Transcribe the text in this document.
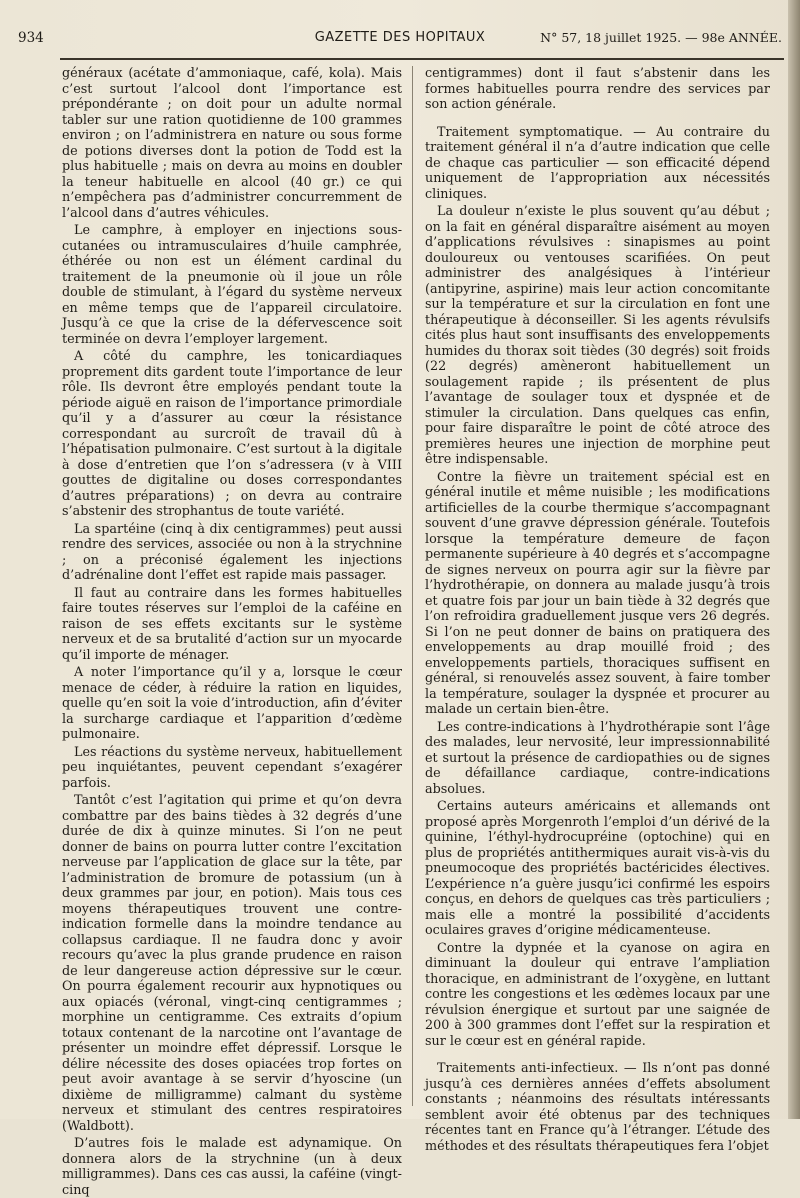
934	GAZETTE DES HOPITAUX	N° 57, 18 juillet 1925. — 98e ANNÉE.

généraux (acétate d’ammoniaque, café, kola). Mais c’est surtout l’alcool dont l’importance est prépondérante ; on doit pour un adulte normal tabler sur une ration quotidienne de 100 grammes environ ; on l’administrera en nature ou sous forme de potions diverses dont la potion de Todd est la plus habituelle ; mais on devra au moins en doubler la teneur habituelle en alcool (40 gr.) ce qui n’empêchera pas d’administrer concurremment de l’alcool dans d’autres véhicules.

Le camphre, à employer en injections sous-cutanées ou intramusculaires d’huile camphrée, éthérée ou non est un élément cardinal du traitement de la pneumonie où il joue un rôle double de stimulant, à l’égard du système nerveux en même temps que de l’appareil circulatoire. Jusqu’à ce que la crise de la défervescence soit terminée on devra l’employer largement.

A côté du camphre, les tonicardiaques proprement dits gardent toute l’importance de leur rôle. Ils devront être employés pendant toute la période aiguë en raison de l’importance primordiale qu’il y a d’assurer au cœur la résistance correspondant au surcroît de travail dû à l’hépatisation pulmonaire. C’est surtout à la digitale à dose d’entretien que l’on s’adressera (v à VIII gouttes de digitaline ou doses correspondantes d’autres préparations) ; on devra au contraire s’abstenir des strophantus de toute variété.

La spartéine (cinq à dix centigrammes) peut aussi rendre des services, associée ou non à la strychnine ; on a préconisé également les injections d’adrénaline dont l’effet est rapide mais passager.

Il faut au contraire dans les formes habituelles faire toutes réserves sur l’emploi de la caféine en raison de ses effets excitants sur le système nerveux et de sa brutalité d’action sur un myocarde qu’il importe de ménager.

A noter l’importance qu’il y a, lorsque le cœur menace de céder, à réduire la ration en liquides, quelle qu’en soit la voie d’introduction, afin d’éviter la surcharge cardiaque et l’apparition d’œdème pulmonaire.

Les réactions du système nerveux, habituellement peu inquiétantes, peuvent cependant s’exagérer parfois.

Tantôt c’est l’agitation qui prime et qu’on devra combattre par des bains tièdes à 32 degrés d’une durée de dix à quinze minutes. Si l’on ne peut donner de bains on pourra lutter contre l’excitation nerveuse par l’application de glace sur la tête, par l’administration de bromure de potassium (un à deux grammes par jour, en potion). Mais tous ces moyens thérapeutiques trouvent une contre-indication formelle dans la moindre tendance au collapsus cardiaque. Il ne faudra donc y avoir recours qu’avec la plus grande prudence en raison de leur dangereuse action dépressive sur le cœur. On pourra également recourir aux hypnotiques ou aux opiacés (véronal, vingt-cinq centigrammes ; morphine un centigramme. Ces extraits d’opium totaux contenant de la narcotine ont l’avantage de présenter un moindre effet dépressif. Lorsque le délire nécessite des doses opiacées trop fortes on peut avoir avantage à se servir d’hyoscine (un dixième de milligramme) calmant du système nerveux et stimulant des centres respiratoires (Waldbott).

D’autres fois le malade est adynamique. On donnera alors de la strychnine (un à deux milligrammes). Dans ces cas aussi, la caféine (vingt-cinq

centigrammes) dont il faut s’abstenir dans les formes habituelles pourra rendre des services par son action générale.

Traitement symptomatique. — Au contraire du traitement général il n’a d’autre indication que celle de chaque cas particulier — son efficacité dépend uniquement de l’appropriation aux nécessités cliniques.

La douleur n’existe le plus souvent qu’au début ; on la fait en général disparaître aisément au moyen d’applications révulsives : sinapismes au point douloureux ou ventouses scarifiées. On peut administrer des analgésiques à l’intérieur (antipyrine, aspirine) mais leur action concomitante sur la température et sur la circulation en font une thérapeutique à déconseiller. Si les agents révulsifs cités plus haut sont insuffisants des enveloppements humides du thorax soit tièdes (30 degrés) soit froids (22 degrés) amèneront habituellement un soulagement rapide ; ils présentent de plus l’avantage de soulager toux et dyspnée et de stimuler la circulation. Dans quelques cas enfin, pour faire disparaître le point de côté atroce des premières heures une injection de morphine peut être indispensable.

Contre la fièvre un traitement spécial est en général inutile et même nuisible ; les modifications artificielles de la courbe thermique s’accompagnant souvent d’une gravve dépression générale. Toutefois lorsque la température demeure de façon permanente supérieure à 40 degrés et s’accompagne de signes nerveux on pourra agir sur la fièvre par l’hydrothérapie, on donnera au malade jusqu’à trois et quatre fois par jour un bain tiède à 32 degrés que l’on refroidira graduellement jusque vers 26 degrés. Si l’on ne peut donner de bains on pratiquera des enveloppements au drap mouillé froid ; des enveloppements partiels, thoraciques suffisent en général, si renouvelés assez souvent, à faire tomber la température, soulager la dyspnée et procurer au malade un certain bien-être.

Les contre-indications à l’hydrothérapie sont l’âge des malades, leur nervosité, leur impressionnabilité et surtout la présence de cardiopathies ou de signes de défaillance cardiaque, contre-indications absolues.

Certains auteurs américains et allemands ont proposé après Morgenroth l’emploi d’un dérivé de la quinine, l’éthyl-hydrocupréine (optochine) qui en plus de propriétés antithermiques aurait vis-à-vis du pneumocoque des propriétés bactéricides électives. L’expérience n’a guère jusqu’ici confirmé les espoirs conçus, en dehors de quelques cas très particuliers ; mais elle a montré la possibilité d’accidents oculaires graves d’origine médicamenteuse.

Contre la dypnée et la cyanose on agira en diminuant la douleur qui entrave l’ampliation thoracique, en administrant de l’oxygène, en luttant contre les congestions et les œdèmes locaux par une révulsion énergique et surtout par une saignée de 200 à 300 grammes dont l’effet sur la respiration et sur le cœur est en général rapide.

Traitements anti-infectieux. — Ils n’ont pas donné jusqu’à ces dernières années d’effets absolument constants ; néanmoins des résultats intéressants semblent avoir été obtenus par des techniques récentes tant en France qu’à l’étranger. L’étude des méthodes et des résultats thérapeutiques fera l’objet
